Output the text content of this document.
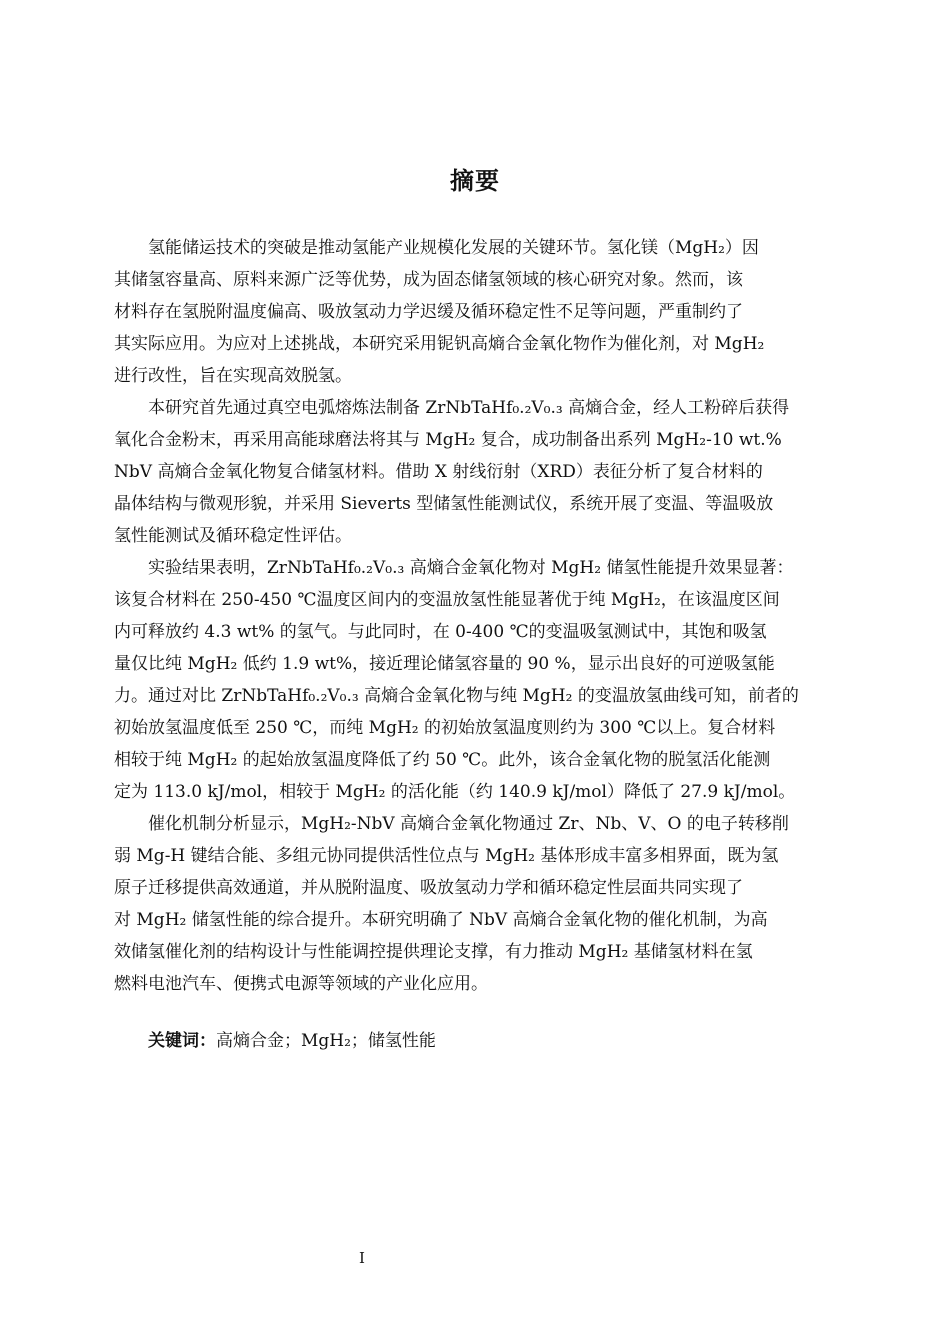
摘要
氢能储运技术的突破是推动氢能产业规模化发展的关键环节。氢化镁（MgH₂）因
其储氢容量高、原料来源广泛等优势，成为固态储氢领域的核心研究对象。然而，该
材料存在氢脱附温度偏高、吸放氢动力学迟缓及循环稳定性不足等问题，严重制约了
其实际应用。为应对上述挑战，本研究采用铌钒高熵合金氧化物作为催化剂，对 MgH₂
进行改性，旨在实现高效脱氢。
本研究首先通过真空电弧熔炼法制备 ZrNbTaHf₀.₂V₀.₃ 高熵合金，经人工粉碎后获得
氧化合金粉末，再采用高能球磨法将其与 MgH₂ 复合，成功制备出系列 MgH₂-10 wt.%
NbV 高熵合金氧化物复合储氢材料。借助 X 射线衍射（XRD）表征分析了复合材料的
晶体结构与微观形貌，并采用 Sieverts 型储氢性能测试仪，系统开展了变温、等温吸放
氢性能测试及循环稳定性评估。
实验结果表明，ZrNbTaHf₀.₂V₀.₃ 高熵合金氧化物对 MgH₂ 储氢性能提升效果显著：
该复合材料在 250-450 ℃温度区间内的变温放氢性能显著优于纯 MgH₂，在该温度区间
内可释放约 4.3 wt% 的氢气。与此同时，在 0-400 ℃的变温吸氢测试中，其饱和吸氢
量仅比纯 MgH₂ 低约 1.9 wt%，接近理论储氢容量的 90 %，显示出良好的可逆吸氢能
力。通过对比 ZrNbTaHf₀.₂V₀.₃ 高熵合金氧化物与纯 MgH₂ 的变温放氢曲线可知，前者的
初始放氢温度低至 250 ℃，而纯 MgH₂ 的初始放氢温度则约为 300 ℃以上。复合材料
相较于纯 MgH₂ 的起始放氢温度降低了约 50 ℃。此外，该合金氧化物的脱氢活化能测
定为 113.0 kJ/mol，相较于 MgH₂ 的活化能（约 140.9 kJ/mol）降低了 27.9 kJ/mol。
催化机制分析显示，MgH₂-NbV 高熵合金氧化物通过 Zr、Nb、V、O 的电子转移削
弱 Mg-H 键结合能、多组元协同提供活性位点与 MgH₂ 基体形成丰富多相界面，既为氢
原子迁移提供高效通道，并从脱附温度、吸放氢动力学和循环稳定性层面共同实现了
对 MgH₂ 储氢性能的综合提升。本研究明确了 NbV 高熵合金氧化物的催化机制，为高
效储氢催化剂的结构设计与性能调控提供理论支撑，有力推动 MgH₂ 基储氢材料在氢
燃料电池汽车、便携式电源等领域的产业化应用。
关键词：高熵合金；MgH₂；储氢性能
I
